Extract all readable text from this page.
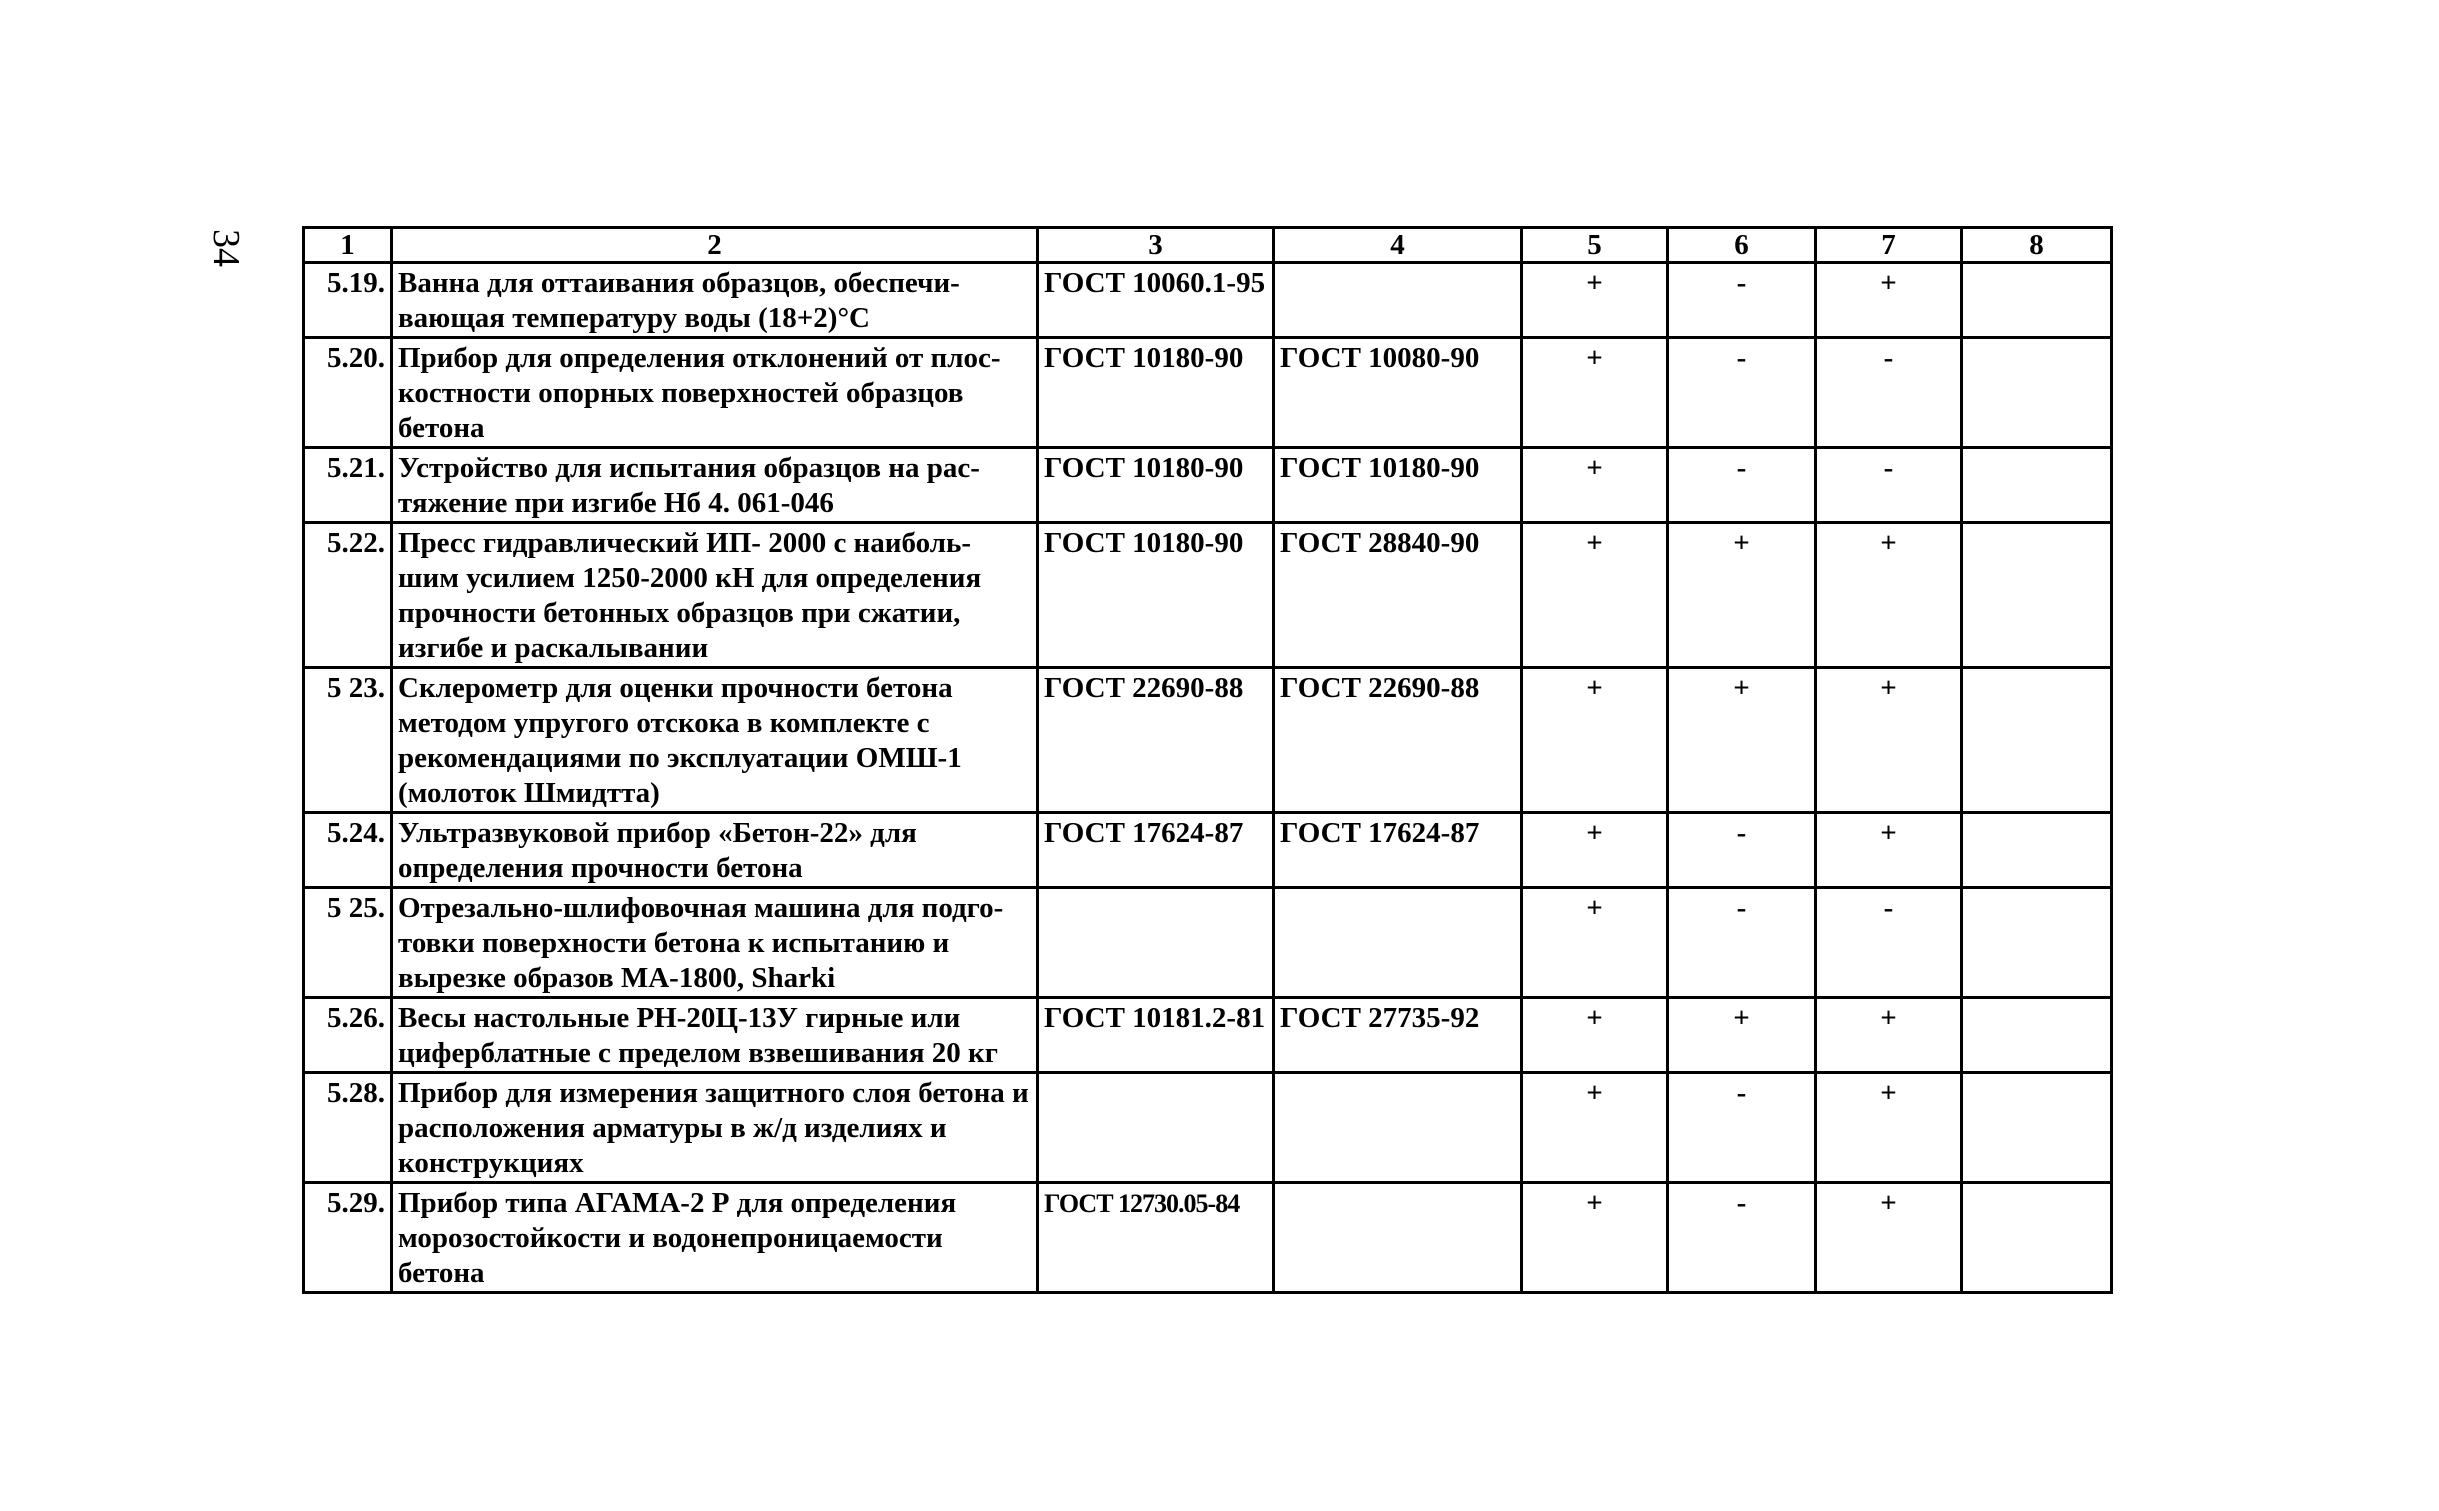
34	1	2	3	4	5	6	7	8
5.19.	Ванна для оттаивания образцов, обеспечи-вающая температуру воды (18+2)°С	ГОСТ 10060.1-95		+	-	+	
5.20.	Прибор для определения отклонений от плос-костности опорных поверхностей образцов бетона	ГОСТ 10180-90	ГОСТ 10080-90	+	-	-	
5.21.	Устройство для испытания образцов на рас-тяжение при изгибе Нб 4. 061-046	ГОСТ 10180-90	ГОСТ 10180-90	+	-	-	
5.22.	Пресс гидравлический ИП- 2000 с наиболь-шим усилием 1250-2000 кН для определения прочности бетонных образцов при сжатии, изгибе и раскалывании	ГОСТ 10180-90	ГОСТ 28840-90	+	+	+	
5 23.	Склерометр для оценки прочности бетона методом упругого отскока в комплекте с рекомендациями по эксплуатации ОМШ-1 (молоток Шмидтта)	ГОСТ 22690-88	ГОСТ 22690-88	+	+	+	
5.24.	Ультразвуковой прибор «Бетон-22» для определения прочности бетона	ГОСТ 17624-87	ГОСТ 17624-87	+	-	+	
5 25.	Отрезально-шлифовочная машина для подго-товки поверхности бетона к испытанию и вырезке образов МА-1800, Sharki			+	-	-	
5.26.	Весы настольные РН-20Ц-13У гирные или циферблатные с пределом взвешивания 20 кг	ГОСТ 10181.2-81	ГОСТ 27735-92	+	+	+	
5.28.	Прибор для измерения защитного слоя бетона и расположения арматуры в ж/д изделиях и конструкциях			+	-	+	
5.29.	Прибор типа АГАМА-2 Р для определения морозостойкости и водонепроницаемости бетона	ГОСТ 12730.05-84		+	-	+	
